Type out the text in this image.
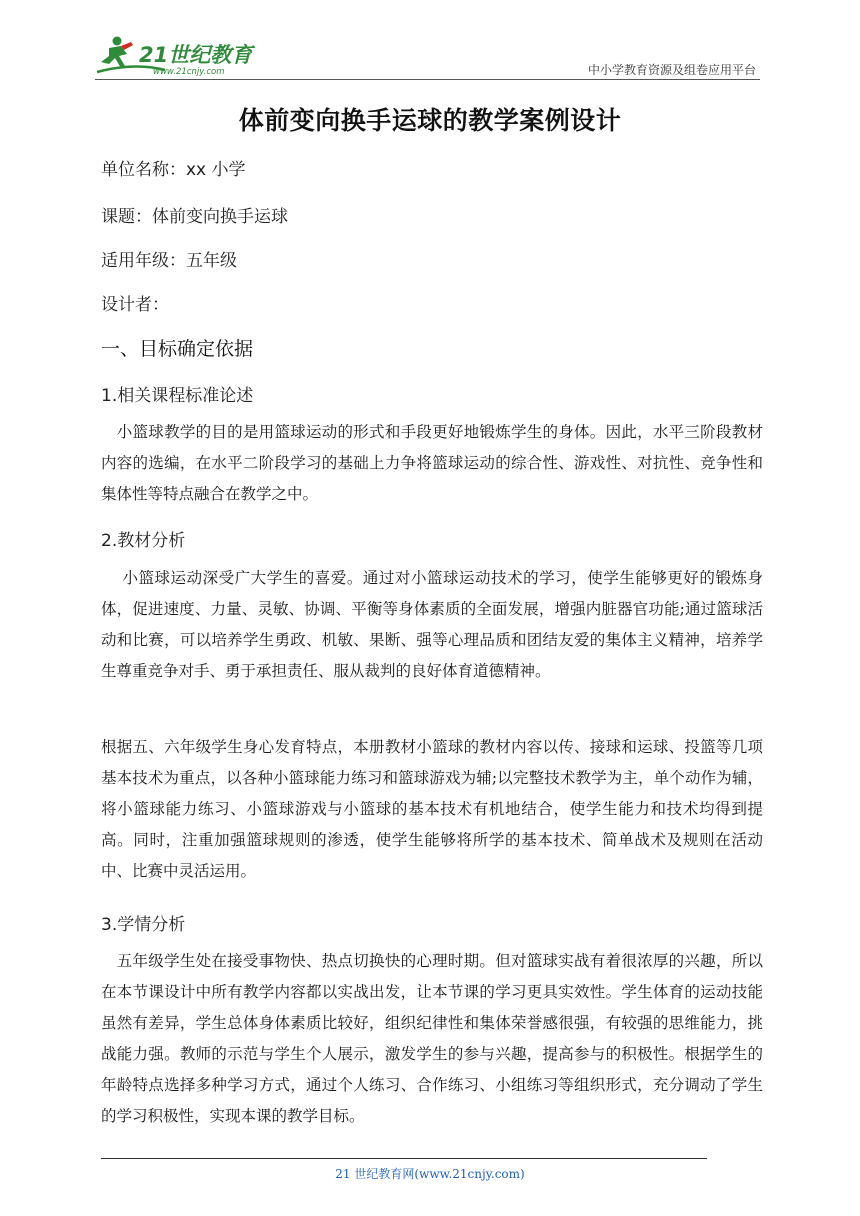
21世纪教育
www.21cnjy.com	中小学教育资源及组卷应用平台
体前变向换手运球的教学案例设计
单位名称：xx 小学
课题：体前变向换手运球
适用年级：五年级
设计者：
一、目标确定依据
1.相关课程标准论述
　小篮球教学的目的是用篮球运动的形式和手段更好地锻炼学生的身体。因此，水平三阶段教材内容的选编，在水平二阶段学习的基础上力争将篮球运动的综合性、游戏性、对抗性、竞争性和集体性等特点融合在教学之中。
2.教材分析
　 小篮球运动深受广大学生的喜爱。通过对小篮球运动技术的学习，使学生能够更好的锻炼身体，促进速度、力量、灵敏、协调、平衡等身体素质的全面发展，增强内脏器官功能;通过篮球活动和比赛，可以培养学生勇政、机敏、果断、强等心理品质和团结友爱的集体主义精神，培养学生尊重竞争对手、勇于承担责任、服从裁判的良好体育道德精神。
根据五、六年级学生身心发育特点，本册教材小篮球的教材内容以传、接球和运球、投篮等几项基本技术为重点，以各种小篮球能力练习和篮球游戏为辅;以完整技术教学为主，单个动作为辅，将小篮球能力练习、小篮球游戏与小篮球的基本技术有机地结合，使学生能力和技术均得到提高。同时，注重加强篮球规则的渗透，使学生能够将所学的基本技术、简单战术及规则在活动中、比赛中灵活运用。
3.学情分析
　五年级学生处在接受事物快、热点切换快的心理时期。但对篮球实战有着很浓厚的兴趣，所以在本节课设计中所有教学内容都以实战出发，让本节课的学习更具实效性。学生体育的运动技能虽然有差异，学生总体身体素质比较好，组织纪律性和集体荣誉感很强，有较强的思维能力，挑战能力强。教师的示范与学生个人展示，激发学生的参与兴趣，提高参与的积极性。根据学生的年龄特点选择多种学习方式，通过个人练习、合作练习、小组练习等组织形式，充分调动了学生的学习积极性，实现本课的教学目标。
21 世纪教育网(www.21cnjy.com)
